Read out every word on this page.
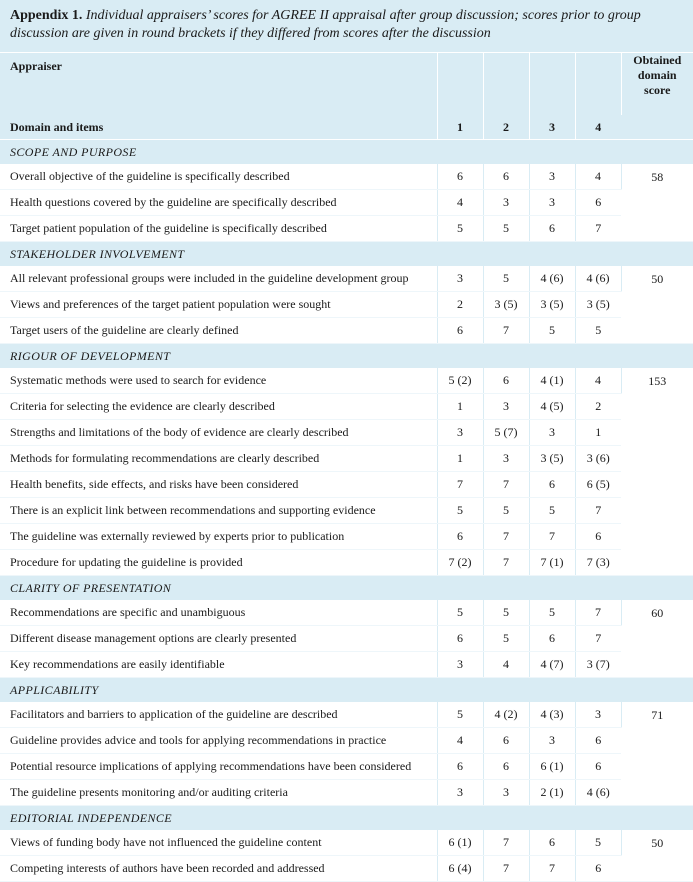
Appendix 1. Individual appraisers’ scores for AGREE II appraisal after group discussion; scores prior to group discussion are given in round brackets if they differed from scores after the discussion
Appraiser					Obtained
domain
score

Domain and items	1	2	3	4	
SCOPE AND PURPOSE					
Overall objective of the guideline is specifically described	6	6	3	4	58
Health questions covered by the guideline are specifically described	4	3	3	6	
Target patient population of the guideline is specifically described	5	5	6	7	
STAKEHOLDER INVOLVEMENT					
All relevant professional groups were included in the guideline development group	3	5	4 (6)	4 (6)	50
Views and preferences of the target patient population were sought	2	3 (5)	3 (5)	3 (5)	
Target users of the guideline are clearly defined	6	7	5	5	
RIGOUR OF DEVELOPMENT					
Systematic methods were used to search for evidence	5 (2)	6	4 (1)	4	153
Criteria for selecting the evidence are clearly described	1	3	4 (5)	2	
Strengths and limitations of the body of evidence are clearly described	3	5 (7)	3	1	
Methods for formulating recommendations are clearly described	1	3	3 (5)	3 (6)	
Health benefits, side effects, and risks have been considered	7	7	6	6 (5)	
There is an explicit link between recommendations and supporting evidence	5	5	5	7	
The guideline was externally reviewed by experts prior to publication	6	7	7	6	
Procedure for updating the guideline is provided	7 (2)	7	7 (1)	7 (3)	
CLARITY OF PRESENTATION					
Recommendations are specific and unambiguous	5	5	5	7	60
Different disease management options are clearly presented	6	5	6	7	
Key recommendations are easily identifiable	3	4	4 (7)	3 (7)	
APPLICABILITY					
Facilitators and barriers to application of the guideline are described	5	4 (2)	4 (3)	3	71
Guideline provides advice and tools for applying recommendations in practice	4	6	3	6	
Potential resource implications of applying recommendations have been considered	6	6	6 (1)	6	
The guideline presents monitoring and/or auditing criteria	3	3	2 (1)	4 (6)	
EDITORIAL INDEPENDENCE					
Views of funding body have not influenced the guideline content	6 (1)	7	6	5	50
Competing interests of authors have been recorded and addressed	6 (4)	7	7	6	
